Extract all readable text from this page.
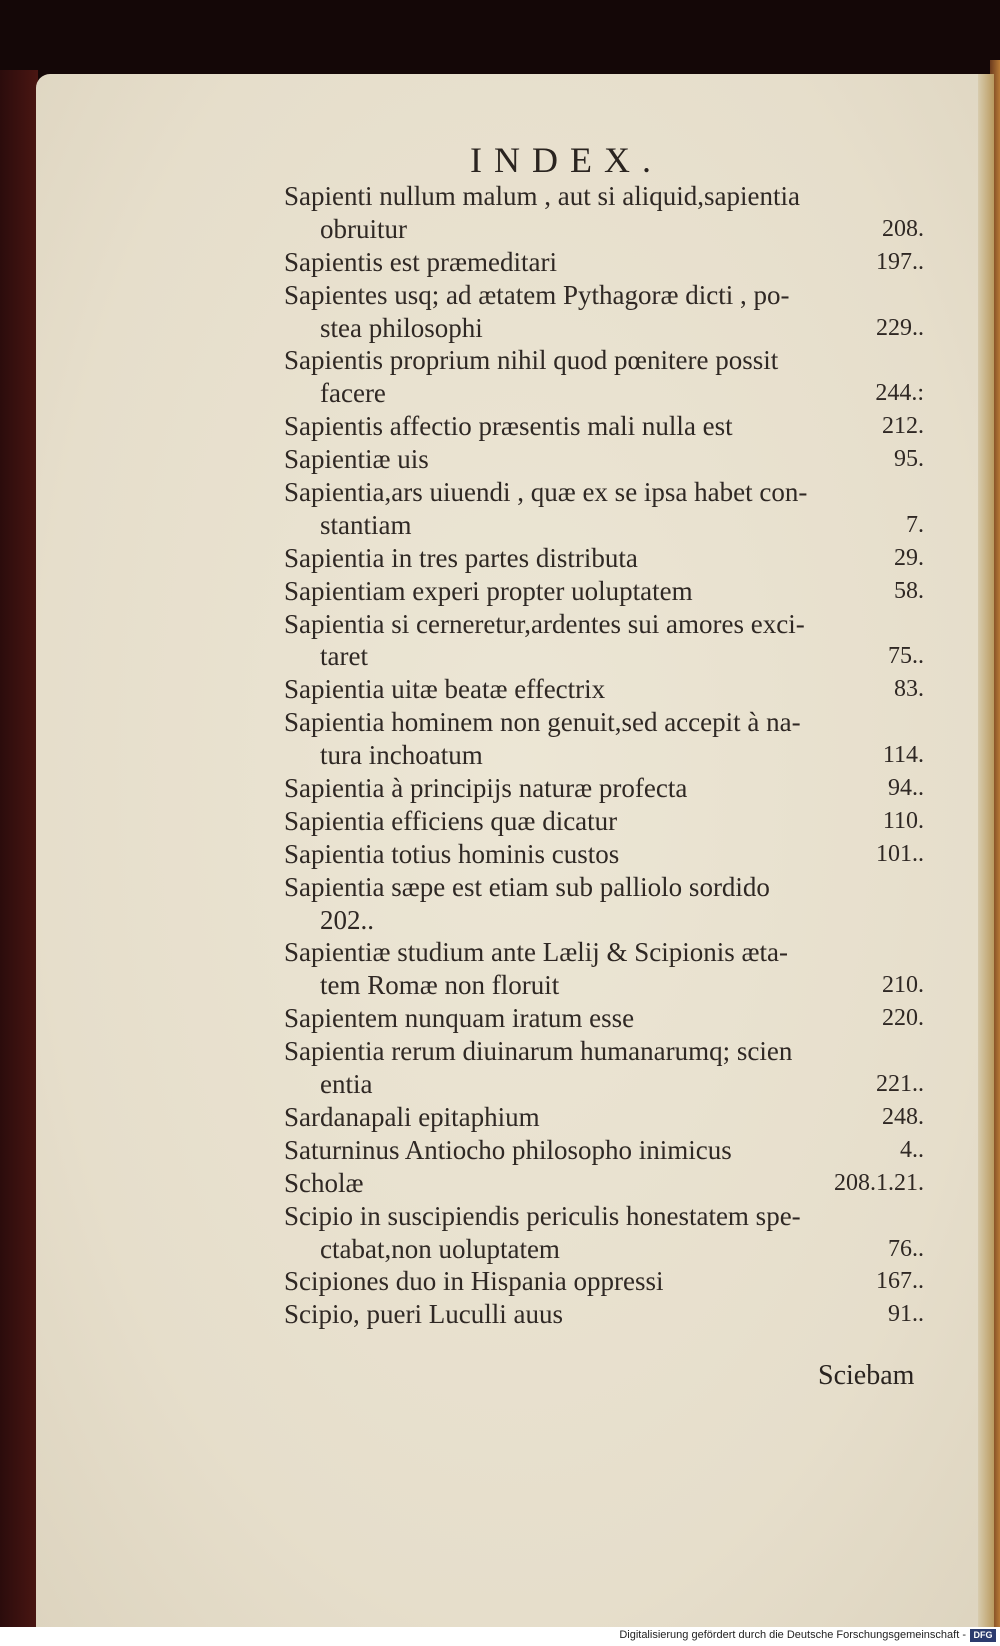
INDEX.
Sapienti nullum malum , aut si aliquid,sapientia
obruitur	208.
Sapientis est præmeditari	197..
Sapientes usq; ad ætatem Pythagoræ dicti , po-
stea philosophi	229..
Sapientis proprium nihil quod pœnitere possit
facere	244.:
Sapientis affectio præsentis mali nulla est	212.
Sapientiæ uis	95.
Sapientia,ars uiuendi , quæ ex se ipsa habet con-
stantiam	7.
Sapientia in tres partes distributa	29.
Sapientiam experi propter uoluptatem	58.
Sapientia si cerneretur,ardentes sui amores exci-
taret	75..
Sapientia uitæ beatæ effectrix	83.
Sapientia hominem non genuit,sed accepit à na-
tura inchoatum	114.
Sapientia à principijs naturæ profecta	94..
Sapientia efficiens quæ dicatur	110.
Sapientia totius hominis custos	101..
Sapientia sæpe est etiam sub palliolo sordido
202..
Sapientiæ studium ante Lælij & Scipionis æta-
tem Romæ non floruit	210.
Sapientem nunquam iratum esse	220.
Sapientia rerum diuinarum humanarumq; scien
entia	221..
Sardanapali epitaphium	248.
Saturninus Antiocho philosopho inimicus	4..
Scholæ	208.1.21.
Scipio in suscipiendis periculis honestatem spe-
ctabat,non uoluptatem	76..
Scipiones duo in Hispania oppressi	167..
Scipio, pueri Luculli auus	91..
Sciebam
Digitalisierung gefördert durch die Deutsche Forschungsgemeinschaft - DFG
